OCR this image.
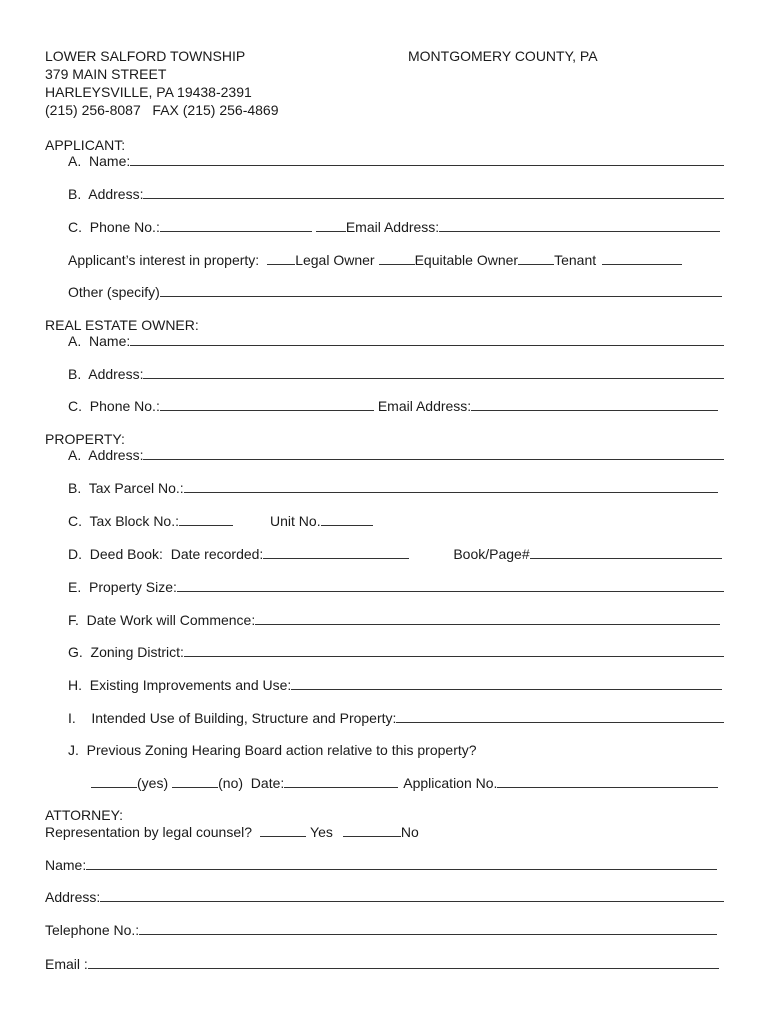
LOWER SALFORD TOWNSHIP	MONTGOMERY COUNTY, PA
379 MAIN STREET
HARLEYSVILLE, PA 19438-2391
(215) 256-8087 FAX (215) 256-4869
APPLICANT:
A.  Name:
B.  Address:
C.  Phone No.:	Email Address:
Applicant’s interest in property:	Legal Owner	Equitable Owner	Tenant
Other (specify)
REAL ESTATE OWNER:
A.  Name:
B.  Address:
C.  Phone No.:	Email Address:
PROPERTY:
A.  Address:
B.  Tax Parcel No.:
C.  Tax Block No.:	Unit No.
D.  Deed Book:  Date recorded:	Book/Page#
E.  Property Size:
F.  Date Work will Commence:
G.  Zoning District:
H.  Existing Improvements and Use:
I.    Intended Use of Building, Structure and Property:
J.  Previous Zoning Hearing Board action relative to this property?
(yes)	(no)  Date:	Application No.
ATTORNEY:
Representation by legal counsel?	Yes	No
Name:
Address:
Telephone No.:
Email :
